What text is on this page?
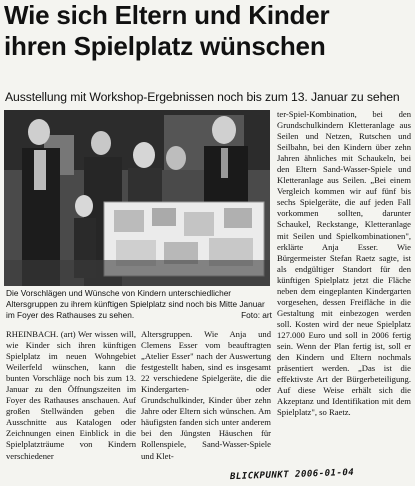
Wie sich Eltern und Kinder
ihren Spielplatz wünschen
Ausstellung mit Workshop-Ergebnissen noch bis zum 13. Januar zu sehen
Die Vorschlägen und Wünsche von Kindern unterschiedlicher Altersgruppen zu ihrem künftigen Spielplatz sind noch bis Mitte Januar im Foyer des Rathauses zu sehen.	Foto: art

RHEINBACH. (art) Wer wissen will, wie Kinder sich ihren künftigen Spielplatz im neuen Wohngebiet Weilerfeld wünschen, kann die bunten Vorschläge noch bis zum 13. Januar zu den Öffnungszeiten im Foyer des Rathauses anschauen. Auf großen Stellwänden geben die Ausschnitte aus Katalogen oder Zeichnungen einen Einblick in die Spielplatzträume von Kindern verschiedener

Altersgruppen. Wie Anja und Clemens Esser vom beauftragten „Atelier Esser" nach der Auswertung festgestellt haben, sind es insgesamt 22 verschiedene Spielgeräte, die die Kindergarten- oder Grundschulkinder, Kinder über zehn Jahre oder Eltern sich wünschen. Am häufigsten fanden sich unter anderem bei den Jüngsten Häuschen für Rollenspiele, Sand-Wasser-Spiele und Klet-

ter-Spiel-Kombination, bei den Grundschulkindern Kletteranlage aus Seilen und Netzen, Rutschen und Seilbahn, bei den Kindern über zehn Jahren ähnliches mit Schaukeln, bei den Eltern Sand-Wasser-Spiele und Kletteranlage aus Seilen. „Bei einem Vergleich kommen wir auf fünf bis sechs Spielgeräte, die auf jeden Fall vorkommen sollten, darunter Schaukel, Reckstange, Kletteranlage mit Seilen und Spielkombinationen", erklärte Anja Esser. Wie Bürgermeister Stefan Raetz sagte, ist als endgültiger Standort für den künftigen Spielplatz jetzt die Fläche neben dem eingeplanten Kindergarten vorgesehen, dessen Freifläche in die Gestaltung mit einbezogen werden soll. Kosten wird der neue Spielplatz 127.000 Euro und soll in 2006 fertig sein. Wenn der Plan fertig ist, soll er den Kindern und Eltern nochmals präsentiert werden. „Das ist die effektivste Art der Bürgerbeteiligung. Auf diese Weise erhält sich die Akzeptanz und Identifikation mit dem Spielplatz", so Raetz.

BLICKPUNKT 2006-01-04
